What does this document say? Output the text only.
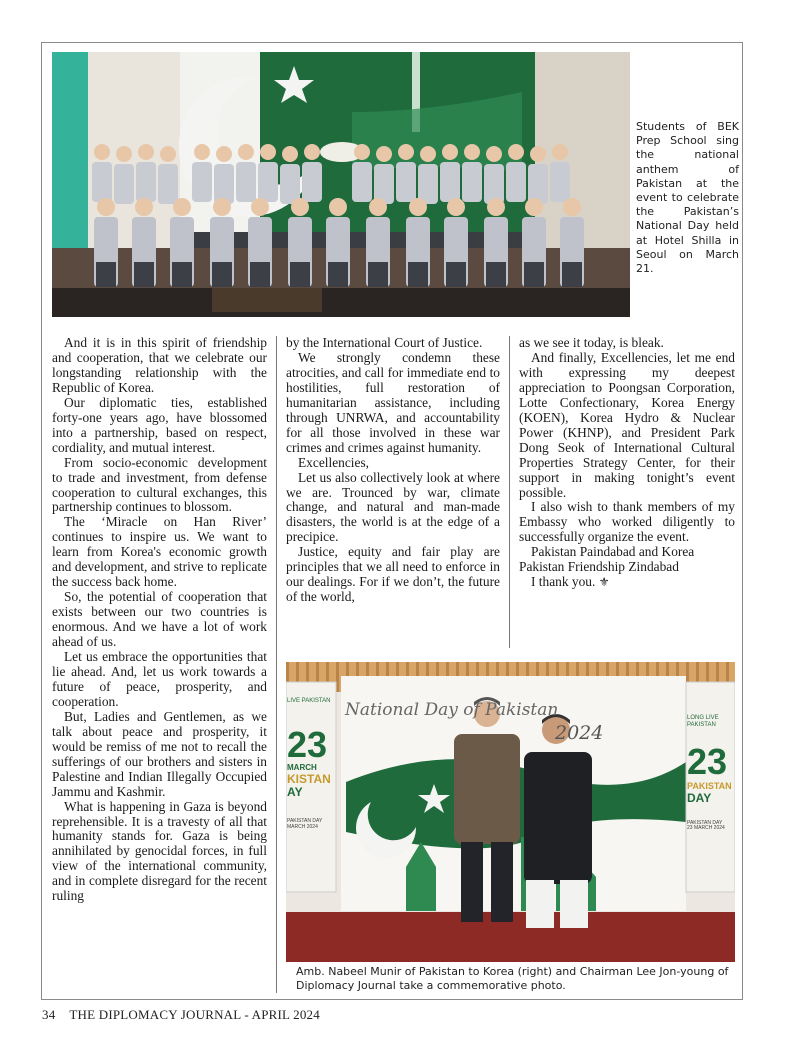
Students of BEK Prep School sing the national anthem of Pakistan at the event to celebrate the Pakistan’s National Day held at Hotel Shilla in Seoul on March 21.

And it is in this spirit of friendship and cooperation, that we celebrate our longstanding relationship with the Republic of Korea.

Our diplomatic ties, established forty-one years ago, have blossomed into a partnership, based on respect, cordiality, and mutual interest.

From socio-economic development to trade and investment, from defense cooperation to cultural exchanges, this partnership continues to blossom.

The ‘Miracle on Han River’ continues to inspire us. We want to learn from Korea's economic growth and development, and strive to replicate the success back home.

So, the potential of cooperation that exists between our two countries is enormous. And we have a lot of work ahead of us.

Let us embrace the opportunities that lie ahead. And, let us work towards a future of peace, prosperity, and cooperation.

But, Ladies and Gentlemen, as we talk about peace and prosperity, it would be remiss of me not to recall the sufferings of our brothers and sisters in Palestine and Indian Illegally Occupied Jammu and Kashmir.

What is happening in Gaza is beyond reprehensible. It is a travesty of all that humanity stands for. Gaza is being annihilated by genocidal forces, in full view of the international community, and in complete disregard for the recent ruling

by the International Court of Justice.

We strongly condemn these atrocities, and call for immediate end to hostilities, full restoration of humanitarian assistance, including through UNRWA, and accountability for all those involved in these war crimes and crimes against humanity.

Excellencies,

Let us also collectively look at where we are. Trounced by war, climate change, and natural and man-made disasters, the world is at the edge of a precipice.

Justice, equity and fair play are principles that we all need to enforce in our dealings. For if we don’t, the future of the world,

as we see it today, is bleak.

And finally, Excellencies, let me end with expressing my deepest appreciation to Poongsan Corporation, Lotte Confectionary, Korea Energy (KOEN), Korea Hydro & Nuclear Power (KHNP), and President Park Dong Seok of International Cultural Properties Strategy Center, for their support in making tonight’s event possible.

I also wish to thank members of my Embassy who worked diligently to successfully organize the event.

Pakistan Paindabad and Korea Pakistan Friendship Zindabad

I thank you. ⚜

National Day of Pakistan
2024
LIVE PAKISTAN
23
MARCH
KISTAN
AY
PAKISTAN DAY
MARCH 2024
LONG LIVE PAKISTAN
23
PAKISTAN
DAY
PAKISTAN DAY
23 MARCH 2024
Amb. Nabeel Munir of Pakistan to Korea (right) and Chairman Lee Jon-young of Diplomacy Journal take a commemorative photo.
34 THE DIPLOMACY JOURNAL - APRIL 2024
